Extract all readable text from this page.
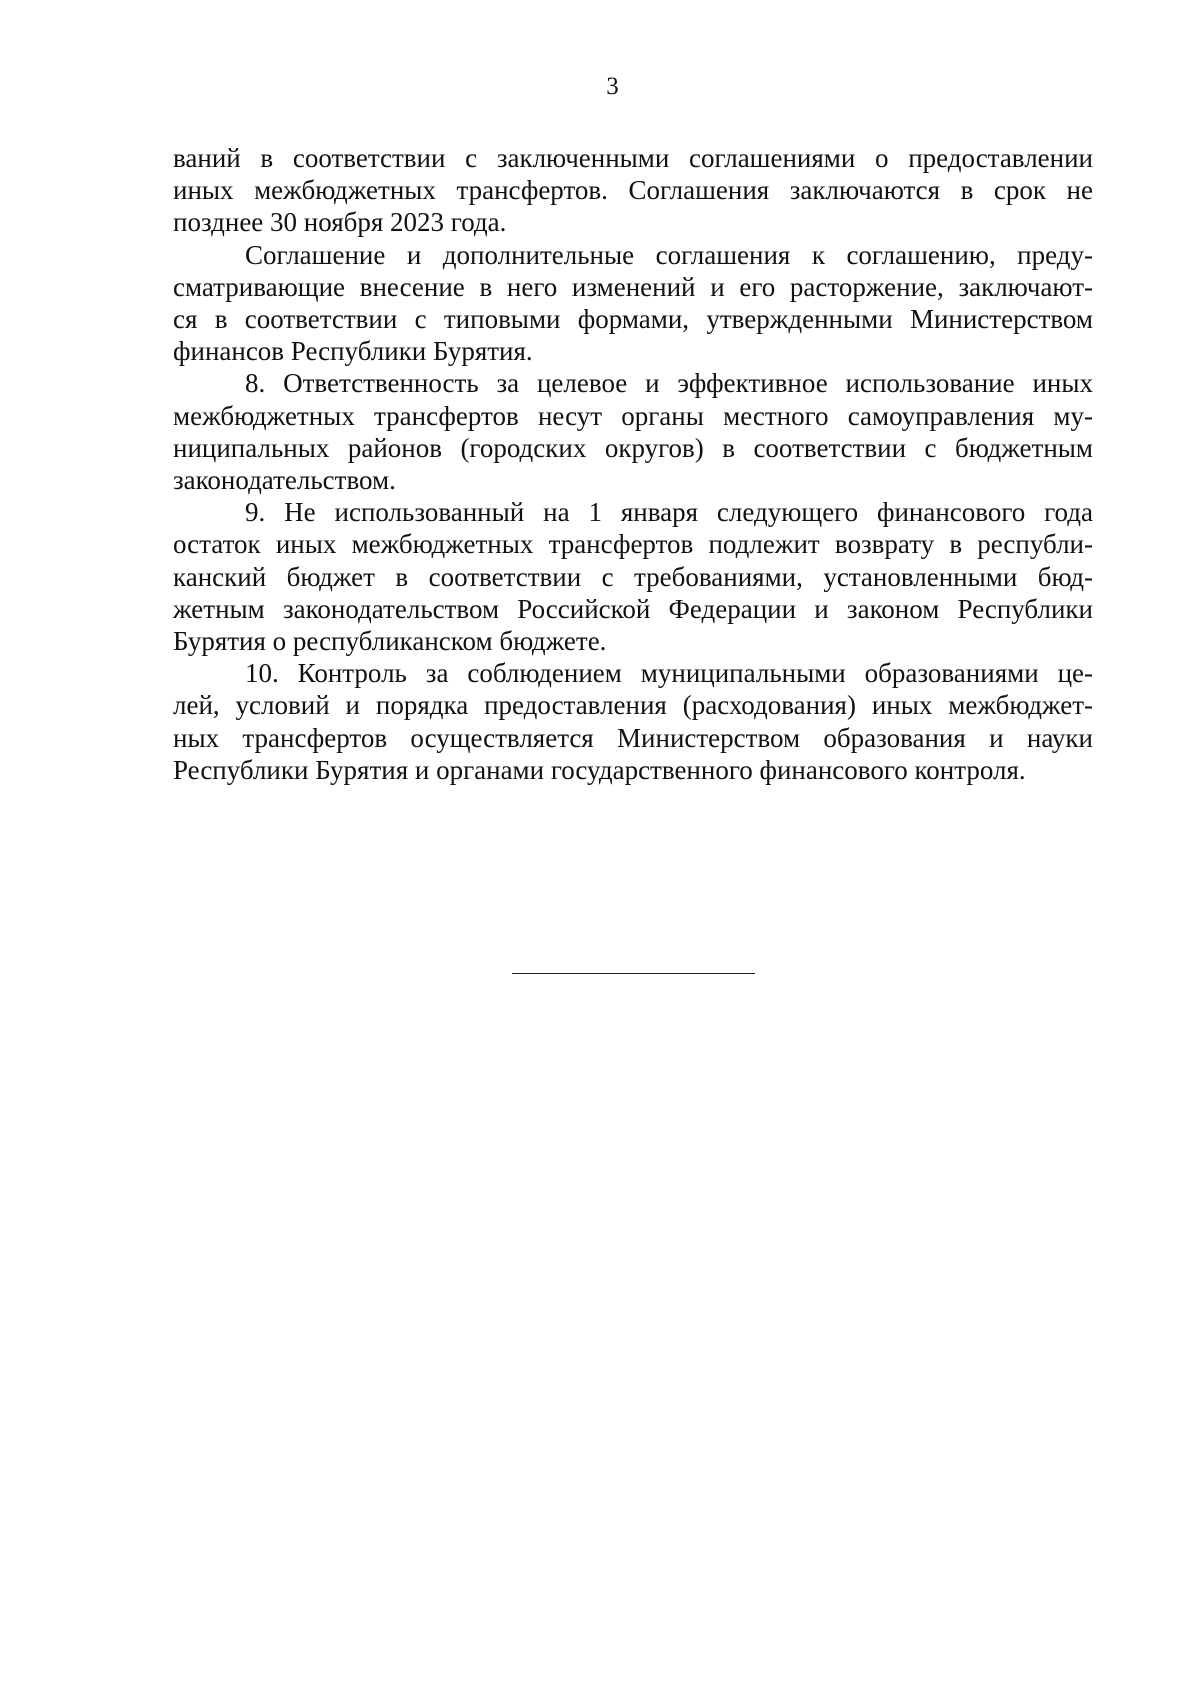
3
ваний в соответствии с заключенными соглашениями о предоставлении
иных межбюджетных трансфертов. Соглашения заключаются в срок не
позднее 30 ноября 2023 года.
Соглашение и дополнительные соглашения к соглашению, преду-
сматривающие внесение в него изменений и его расторжение, заключают-
ся в соответствии с типовыми формами, утвержденными Министерством
финансов Республики Бурятия.
8. Ответственность за целевое и эффективное использование иных
межбюджетных трансфертов несут органы местного самоуправления му-
ниципальных районов (городских округов) в соответствии с бюджетным
законодательством.
9. Не использованный на 1 января следующего финансового года
остаток иных межбюджетных трансфертов подлежит возврату в республи-
канский бюджет в соответствии с требованиями, установленными бюд-
жетным законодательством Российской Федерации и законом Республики
Бурятия о республиканском бюджете.
10. Контроль за соблюдением муниципальными образованиями це-
лей, условий и порядка предоставления (расходования) иных межбюджет-
ных трансфертов осуществляется Министерством образования и науки
Республики Бурятия и органами государственного финансового контроля.
